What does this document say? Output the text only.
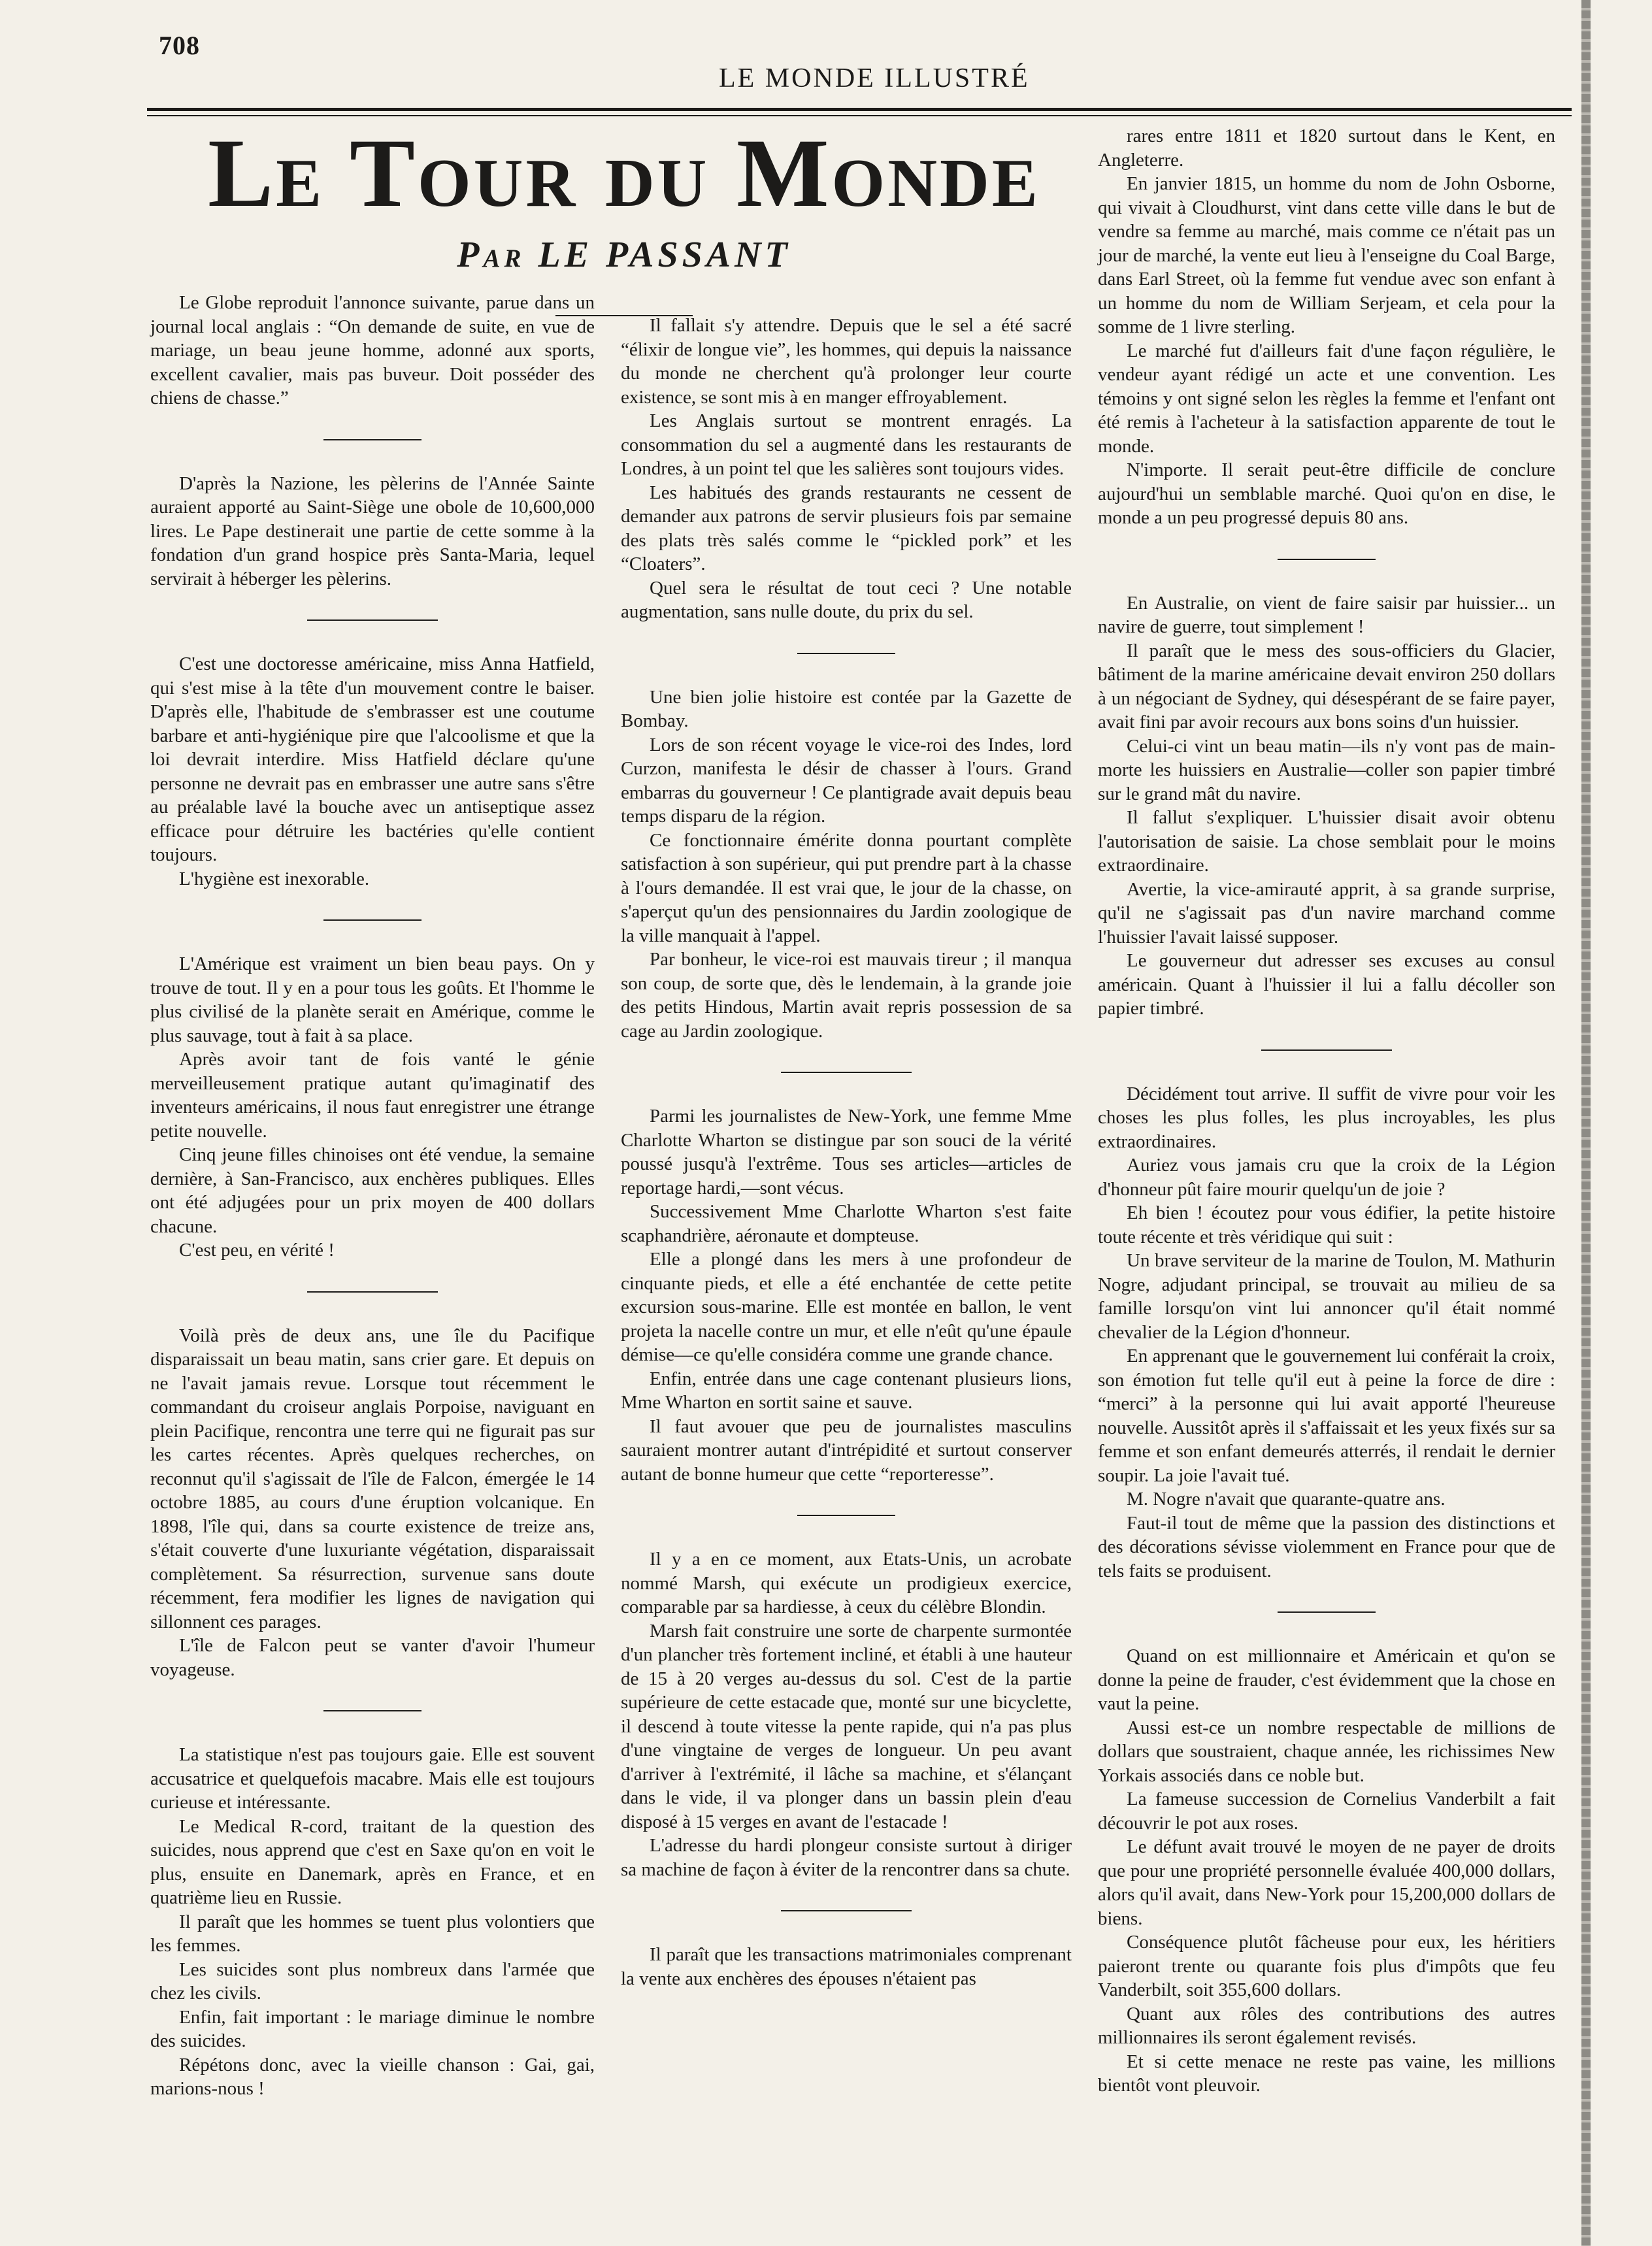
708
LE MONDE ILLUSTRÉ
Le Tour du Monde
Par LE PASSANT

Le Globe reproduit l'annonce suivante, parue dans un journal local anglais : “On demande de suite, en vue de mariage, un beau jeune homme, adonné aux sports, excellent cavalier, mais pas buveur. Doit posséder des chiens de chasse.”

D'après la Nazione, les pèlerins de l'Année Sainte auraient apporté au Saint-Siège une obole de 10,600,000 lires. Le Pape destinerait une partie de cette somme à la fondation d'un grand hospice près Santa-Maria, lequel servirait à héberger les pèlerins.

C'est une doctoresse américaine, miss Anna Hatfield, qui s'est mise à la tête d'un mouvement contre le baiser. D'après elle, l'habitude de s'embrasser est une coutume barbare et anti-hygiénique pire que l'alcoolisme et que la loi devrait interdire. Miss Hatfield déclare qu'une personne ne devrait pas en embrasser une autre sans s'être au préalable lavé la bouche avec un antiseptique assez efficace pour détruire les bactéries qu'elle contient toujours.

L'hygiène est inexorable.

L'Amérique est vraiment un bien beau pays. On y trouve de tout. Il y en a pour tous les goûts. Et l'homme le plus civilisé de la planète serait en Amérique, comme le plus sauvage, tout à fait à sa place.

Après avoir tant de fois vanté le génie merveilleusement pratique autant qu'imaginatif des inventeurs américains, il nous faut enregistrer une étrange petite nouvelle.

Cinq jeune filles chinoises ont été vendue, la semaine dernière, à San-Francisco, aux enchères publiques. Elles ont été adjugées pour un prix moyen de 400 dollars chacune.

C'est peu, en vérité !

Voilà près de deux ans, une île du Pacifique disparaissait un beau matin, sans crier gare. Et depuis on ne l'avait jamais revue. Lorsque tout récemment le commandant du croiseur anglais Porpoise, naviguant en plein Pacifique, rencontra une terre qui ne figurait pas sur les cartes récentes. Après quelques recherches, on reconnut qu'il s'agissait de l'île de Falcon, émergée le 14 octobre 1885, au cours d'une éruption volcanique. En 1898, l'île qui, dans sa courte existence de treize ans, s'était couverte d'une luxuriante végétation, disparaissait complètement. Sa résurrection, survenue sans doute récemment, fera modifier les lignes de navigation qui sillonnent ces parages.

L'île de Falcon peut se vanter d'avoir l'humeur voyageuse.

La statistique n'est pas toujours gaie. Elle est souvent accusatrice et quelquefois macabre. Mais elle est toujours curieuse et intéressante.

Le Medical R-cord, traitant de la question des suicides, nous apprend que c'est en Saxe qu'on en voit le plus, ensuite en Danemark, après en France, et en quatrième lieu en Russie.

Il paraît que les hommes se tuent plus volontiers que les femmes.

Les suicides sont plus nombreux dans l'armée que chez les civils.

Enfin, fait important : le mariage diminue le nombre des suicides.

Répétons donc, avec la vieille chanson : Gai, gai, marions-nous !

Il fallait s'y attendre. Depuis que le sel a été sacré “élixir de longue vie”, les hommes, qui depuis la naissance du monde ne cherchent qu'à prolonger leur courte existence, se sont mis à en manger effroyablement.

Les Anglais surtout se montrent enragés. La consommation du sel a augmenté dans les restaurants de Londres, à un point tel que les salières sont toujours vides.

Les habitués des grands restaurants ne cessent de demander aux patrons de servir plusieurs fois par semaine des plats très salés comme le “pickled pork” et les “Cloaters”.

Quel sera le résultat de tout ceci ? Une notable augmentation, sans nulle doute, du prix du sel.

Une bien jolie histoire est contée par la Gazette de Bombay.

Lors de son récent voyage le vice-roi des Indes, lord Curzon, manifesta le désir de chasser à l'ours. Grand embarras du gouverneur ! Ce plantigrade avait depuis beau temps disparu de la région.

Ce fonctionnaire émérite donna pourtant complète satisfaction à son supérieur, qui put prendre part à la chasse à l'ours demandée. Il est vrai que, le jour de la chasse, on s'aperçut qu'un des pensionnaires du Jardin zoologique de la ville manquait à l'appel.

Par bonheur, le vice-roi est mauvais tireur ; il manqua son coup, de sorte que, dès le lendemain, à la grande joie des petits Hindous, Martin avait repris possession de sa cage au Jardin zoologique.

Parmi les journalistes de New-York, une femme Mme Charlotte Wharton se distingue par son souci de la vérité poussé jusqu'à l'extrême. Tous ses articles—articles de reportage hardi,—sont vécus.

Successivement Mme Charlotte Wharton s'est faite scaphandrière, aéronaute et dompteuse.

Elle a plongé dans les mers à une profondeur de cinquante pieds, et elle a été enchantée de cette petite excursion sous-marine. Elle est montée en ballon, le vent projeta la nacelle contre un mur, et elle n'eût qu'une épaule démise—ce qu'elle considéra comme une grande chance.

Enfin, entrée dans une cage contenant plusieurs lions, Mme Wharton en sortit saine et sauve.

Il faut avouer que peu de journalistes masculins sauraient montrer autant d'intrépidité et surtout conserver autant de bonne humeur que cette “reporteresse”.

Il y a en ce moment, aux Etats-Unis, un acrobate nommé Marsh, qui exécute un prodigieux exercice, comparable par sa hardiesse, à ceux du célèbre Blondin.

Marsh fait construire une sorte de charpente surmontée d'un plancher très fortement incliné, et établi à une hauteur de 15 à 20 verges au-dessus du sol. C'est de la partie supérieure de cette estacade que, monté sur une bicyclette, il descend à toute vitesse la pente rapide, qui n'a pas plus d'une vingtaine de verges de longueur. Un peu avant d'arriver à l'extrémité, il lâche sa machine, et s'élançant dans le vide, il va plonger dans un bassin plein d'eau disposé à 15 verges en avant de l'estacade !

L'adresse du hardi plongeur consiste surtout à diriger sa machine de façon à éviter de la rencontrer dans sa chute.

Il paraît que les transactions matrimoniales comprenant la vente aux enchères des épouses n'étaient pas

rares entre 1811 et 1820 surtout dans le Kent, en Angleterre.

En janvier 1815, un homme du nom de John Osborne, qui vivait à Cloudhurst, vint dans cette ville dans le but de vendre sa femme au marché, mais comme ce n'était pas un jour de marché, la vente eut lieu à l'enseigne du Coal Barge, dans Earl Street, où la femme fut vendue avec son enfant à un homme du nom de William Serjeam, et cela pour la somme de 1 livre sterling.

Le marché fut d'ailleurs fait d'une façon régulière, le vendeur ayant rédigé un acte et une convention. Les témoins y ont signé selon les règles la femme et l'enfant ont été remis à l'acheteur à la satisfaction apparente de tout le monde.

N'importe. Il serait peut-être difficile de conclure aujourd'hui un semblable marché. Quoi qu'on en dise, le monde a un peu progressé depuis 80 ans.

En Australie, on vient de faire saisir par huissier... un navire de guerre, tout simplement !

Il paraît que le mess des sous-officiers du Glacier, bâtiment de la marine américaine devait environ 250 dollars à un négociant de Sydney, qui désespérant de se faire payer, avait fini par avoir recours aux bons soins d'un huissier.

Celui-ci vint un beau matin—ils n'y vont pas de main-morte les huissiers en Australie—coller son papier timbré sur le grand mât du navire.

Il fallut s'expliquer. L'huissier disait avoir obtenu l'autorisation de saisie. La chose semblait pour le moins extraordinaire.

Avertie, la vice-amirauté apprit, à sa grande surprise, qu'il ne s'agissait pas d'un navire marchand comme l'huissier l'avait laissé supposer.

Le gouverneur dut adresser ses excuses au consul américain. Quant à l'huissier il lui a fallu décoller son papier timbré.

Décidément tout arrive. Il suffit de vivre pour voir les choses les plus folles, les plus incroyables, les plus extraordinaires.

Auriez vous jamais cru que la croix de la Légion d'honneur pût faire mourir quelqu'un de joie ?

Eh bien ! écoutez pour vous édifier, la petite histoire toute récente et très véridique qui suit :

Un brave serviteur de la marine de Toulon, M. Mathurin Nogre, adjudant principal, se trouvait au milieu de sa famille lorsqu'on vint lui annoncer qu'il était nommé chevalier de la Légion d'honneur.

En apprenant que le gouvernement lui conférait la croix, son émotion fut telle qu'il eut à peine la force de dire : “merci” à la personne qui lui avait apporté l'heureuse nouvelle. Aussitôt après il s'affaissait et les yeux fixés sur sa femme et son enfant demeurés atterrés, il rendait le dernier soupir. La joie l'avait tué.

M. Nogre n'avait que quarante-quatre ans.

Faut-il tout de même que la passion des distinctions et des décorations sévisse violemment en France pour que de tels faits se produisent.

Quand on est millionnaire et Américain et qu'on se donne la peine de frauder, c'est évidemment que la chose en vaut la peine.

Aussi est-ce un nombre respectable de millions de dollars que soustraient, chaque année, les richissimes New Yorkais associés dans ce noble but.

La fameuse succession de Cornelius Vanderbilt a fait découvrir le pot aux roses.

Le défunt avait trouvé le moyen de ne payer de droits que pour une propriété personnelle évaluée 400,000 dollars, alors qu'il avait, dans New-York pour 15,200,000 dollars de biens.

Conséquence plutôt fâcheuse pour eux, les héritiers paieront trente ou quarante fois plus d'impôts que feu Vanderbilt, soit 355,600 dollars.

Quant aux rôles des contributions des autres millionnaires ils seront également revisés.

Et si cette menace ne reste pas vaine, les millions bientôt vont pleuvoir.
